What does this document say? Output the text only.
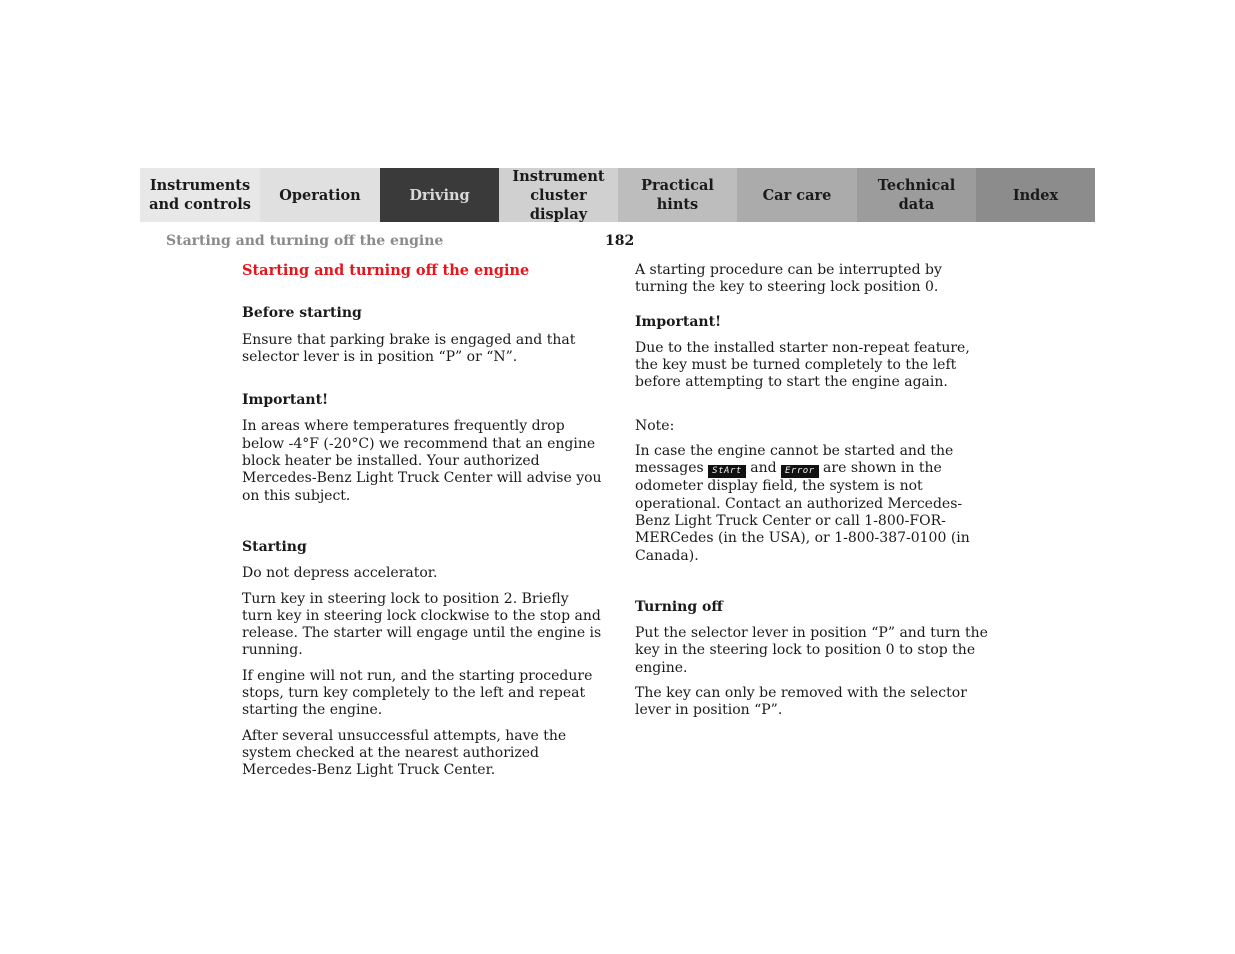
Instruments
and controls
Operation	Driving
Instrument
cluster display
Practical hints
Car care
Technical
data
Index
Starting and turning off the engine	182

Starting and turning off the engine

Before starting

Ensure that parking brake is engaged and that selector lever is in position “P” or “N”.

Important!

In areas where temperatures frequently drop below -4°F (-20°C) we recommend that an engine block heater be installed. Your authorized Mercedes-Benz Light Truck Center will advise you on this subject.

Starting

Do not depress accelerator.

Turn key in steering lock to position 2. Briefly turn key in steering lock clockwise to the stop and release. The starter will engage until the engine is running.

If engine will not run, and the starting procedure stops, turn key completely to the left and repeat starting the engine.

After several unsuccessful attempts, have the system checked at the nearest authorized Mercedes-Benz Light Truck Center.

A starting procedure can be interrupted by turning the key to steering lock position 0.

Important!

Due to the installed starter non-repeat feature, the key must be turned completely to the left before attempting to start the engine again.

Note:

In case the engine cannot be started and the messages StArt and Error are shown in the odometer display field, the system is not operational. Contact an authorized Mercedes-Benz Light Truck Center or call 1-800-FOR-MERCedes (in the USA), or 1-800-387-0100 (in Canada).

Turning off

Put the selector lever in position “P” and turn the key in the steering lock to position 0 to stop the engine.

The key can only be removed with the selector lever in position “P”.
